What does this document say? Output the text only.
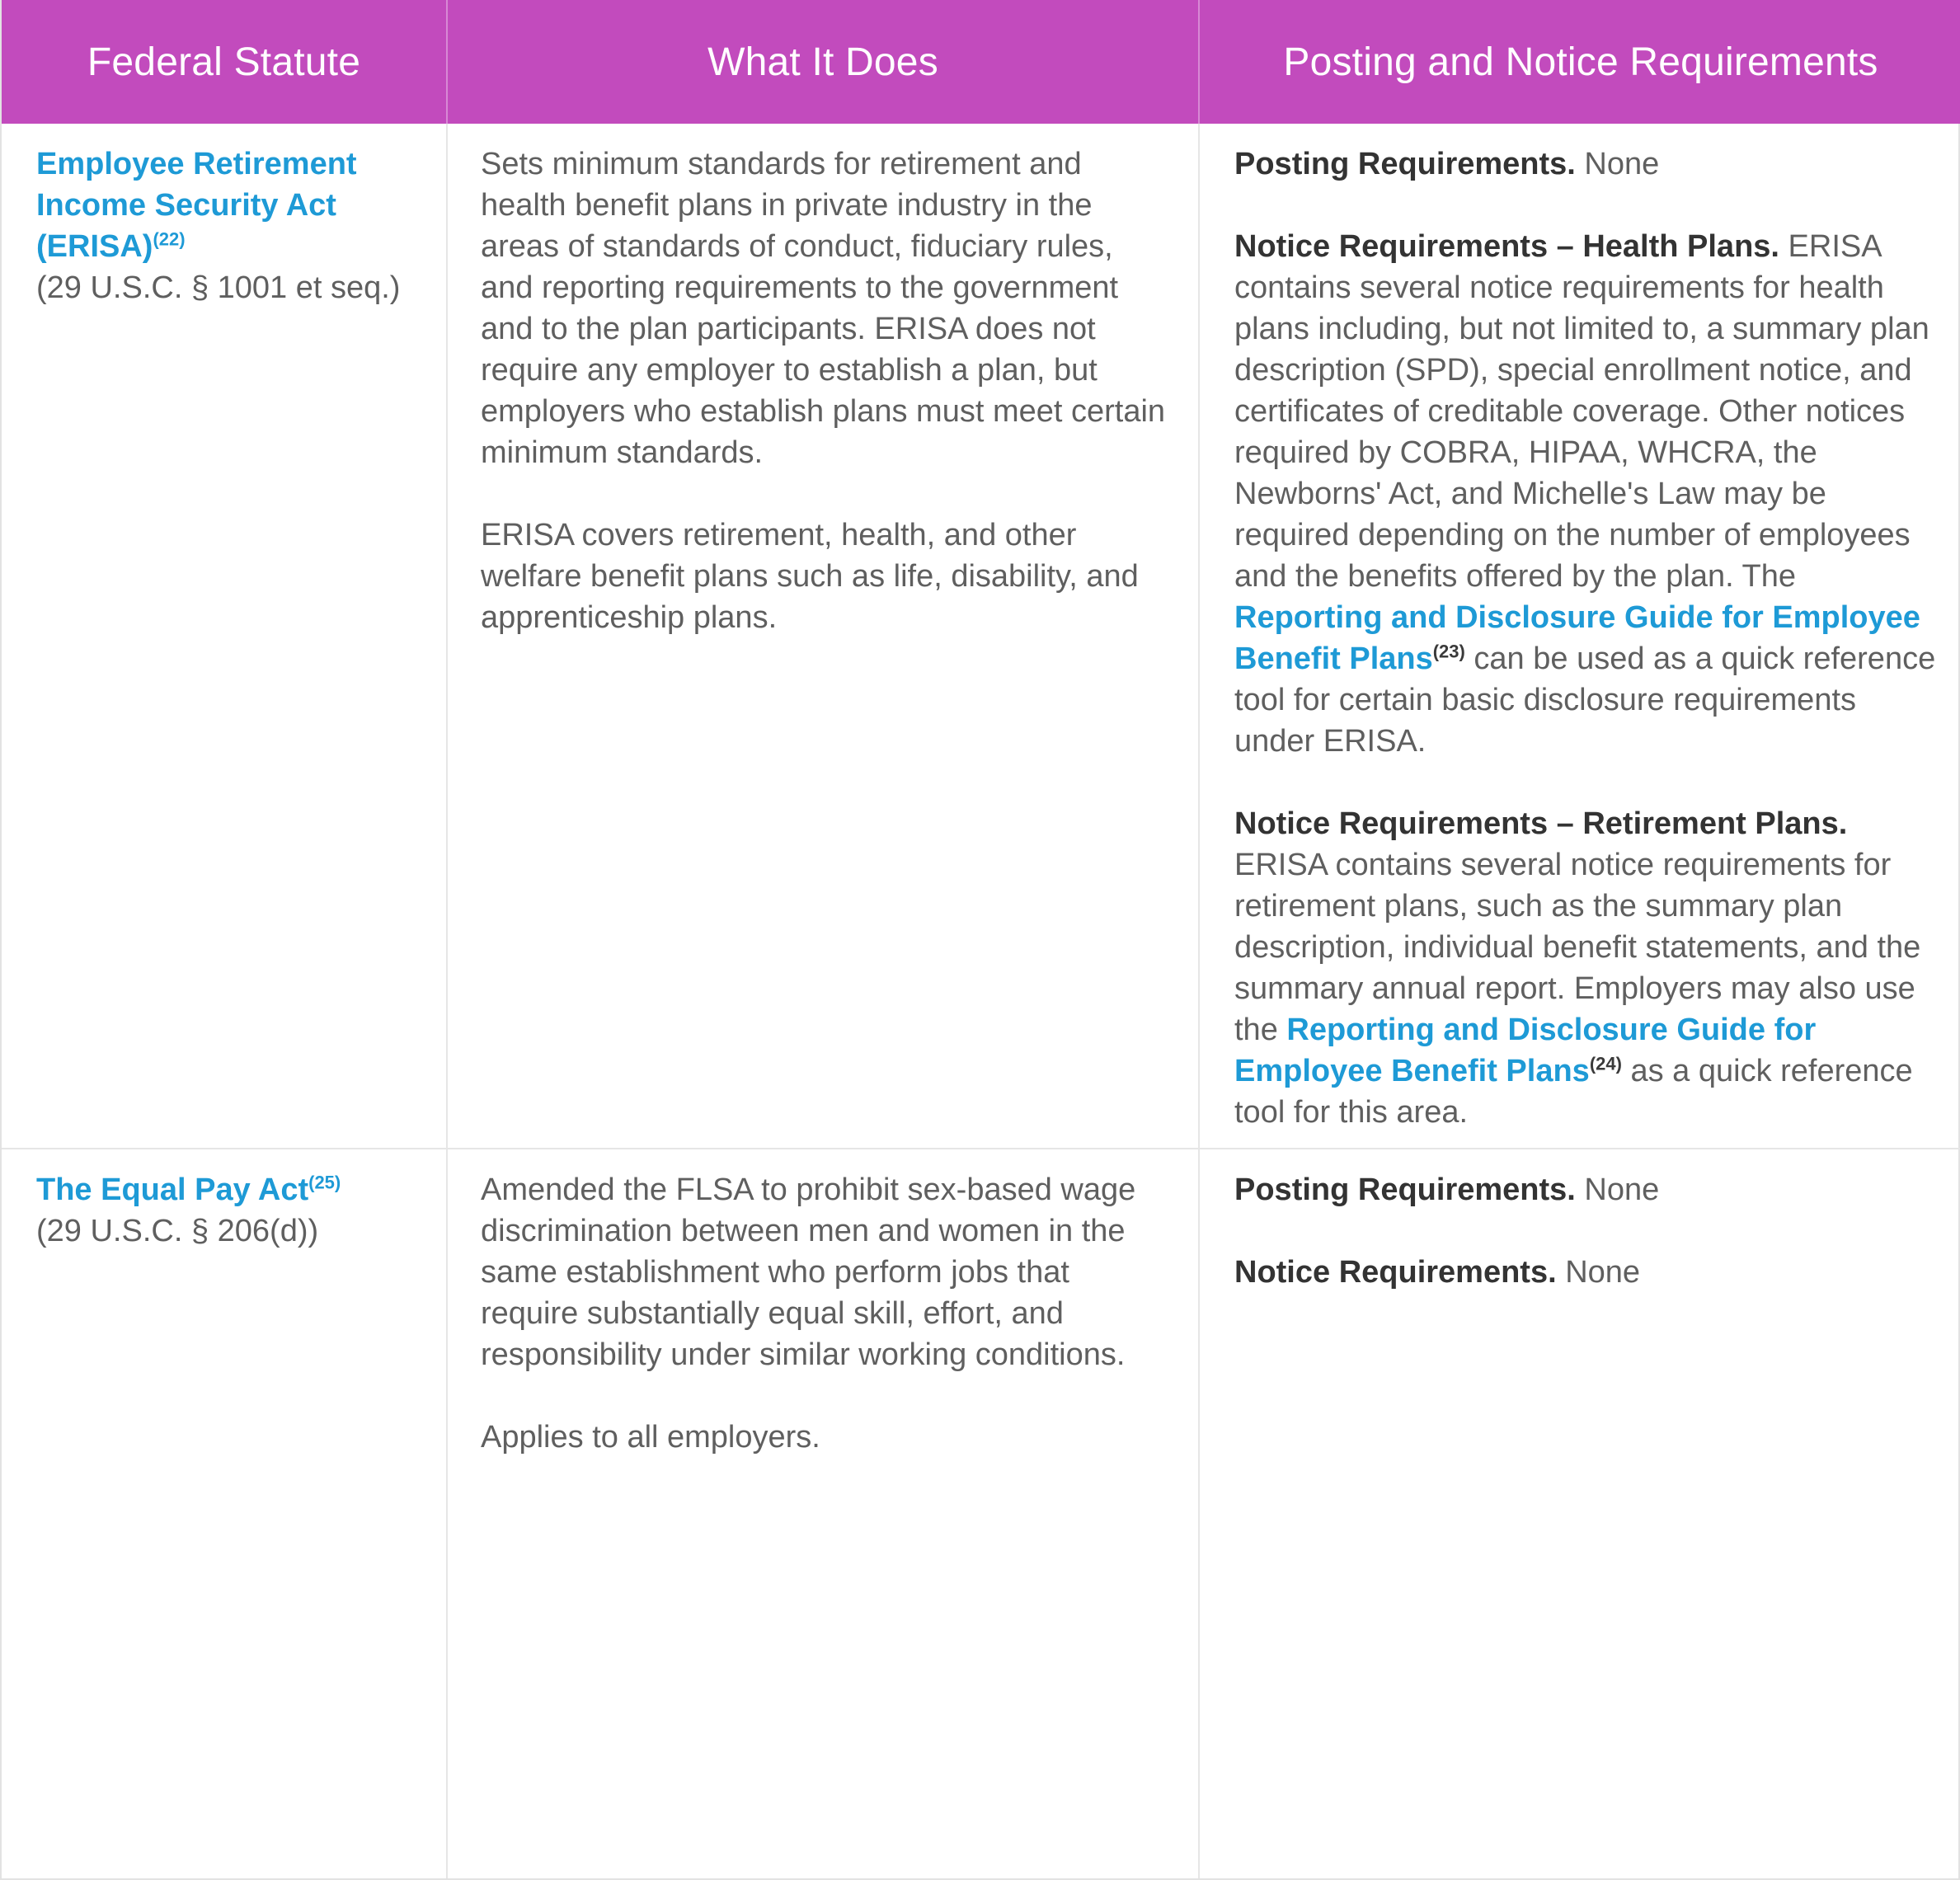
Federal Statute	What It Does	Posting and Notice Requirements
Employee Retirement Income Security Act (ERISA)$^{(22)}$
(29 U.S.C. § 1001 et seq.)

Sets minimum standards for retirement and health benefit plans in private industry in the areas of standards of conduct, fiduciary rules, and reporting requirements to the government and to the plan participants. ERISA does not require any employer to establish a plan, but employers who establish plans must meet certain minimum standards.

ERISA covers retirement, health, and other welfare benefit plans such as life, disability, and apprenticeship plans.

Posting Requirements. None

Notice Requirements – Health Plans. ERISA contains several notice requirements for health plans including, but not limited to, a summary plan description (SPD), special enrollment notice, and certificates of creditable coverage. Other notices required by COBRA, HIPAA, WHCRA, the Newborns' Act, and Michelle's Law may be required depending on the number of employees and the benefits offered by the plan. The Reporting and Disclosure Guide for Employee Benefit Plans$^{(23)}$ can be used as a quick reference tool for certain basic disclosure requirements under ERISA.

Notice Requirements – Retirement Plans. ERISA contains several notice requirements for retirement plans, such as the summary plan description, individual benefit statements, and the summary annual report. Employers may also use the Reporting and Disclosure Guide for Employee Benefit Plans$^{(24)}$ as a quick reference tool for this area.

The Equal Pay Act$^{(25)}$
(29 U.S.C. § 206(d))

Amended the FLSA to prohibit sex-based wage discrimination between men and women in the same establishment who perform jobs that require substantially equal skill, effort, and responsibility under similar working conditions.

Applies to all employers.

Posting Requirements. None

Notice Requirements. None
